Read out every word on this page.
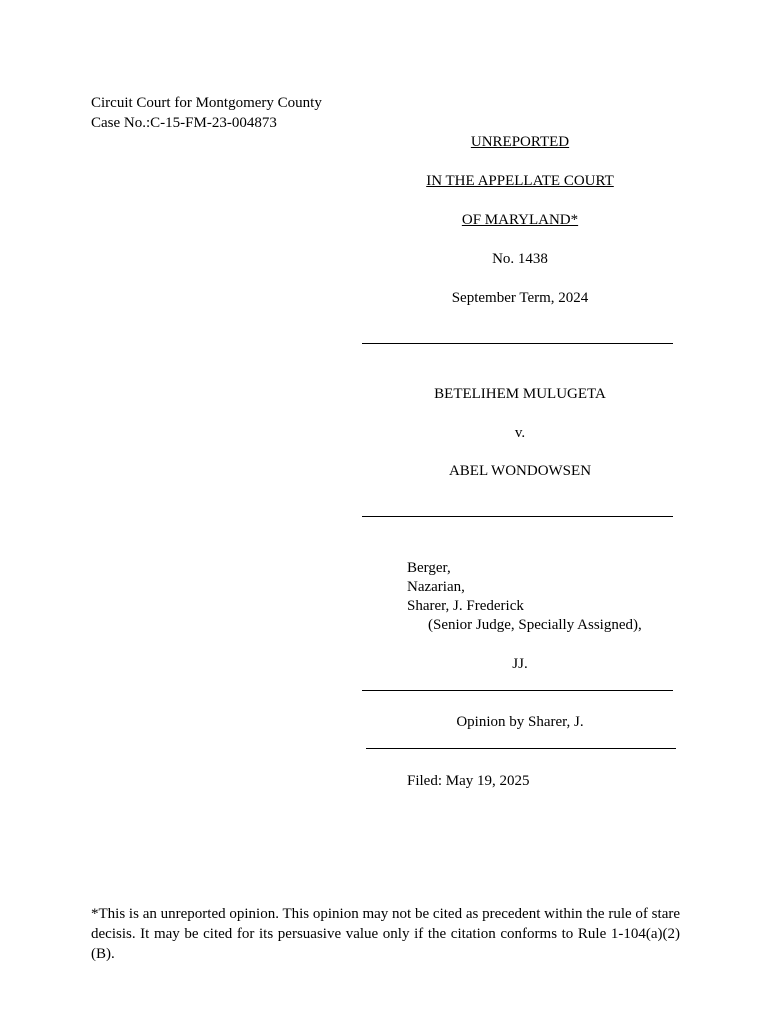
Circuit Court for Montgomery County
Case No.:C-15-FM-23-004873
UNREPORTED
IN THE APPELLATE COURT
OF MARYLAND*
No. 1438
September Term, 2024
BETELIHEM MULUGETA
v.
ABEL WONDOWSEN
Berger,
Nazarian,
Sharer, J. Frederick
(Senior Judge, Specially Assigned),
JJ.
Opinion by Sharer, J.
Filed: May 19, 2025
*This is an unreported opinion. This opinion may not be cited as precedent within the rule of stare decisis. It may be cited for its persuasive value only if the citation conforms to Rule 1-104(a)(2)(B).
